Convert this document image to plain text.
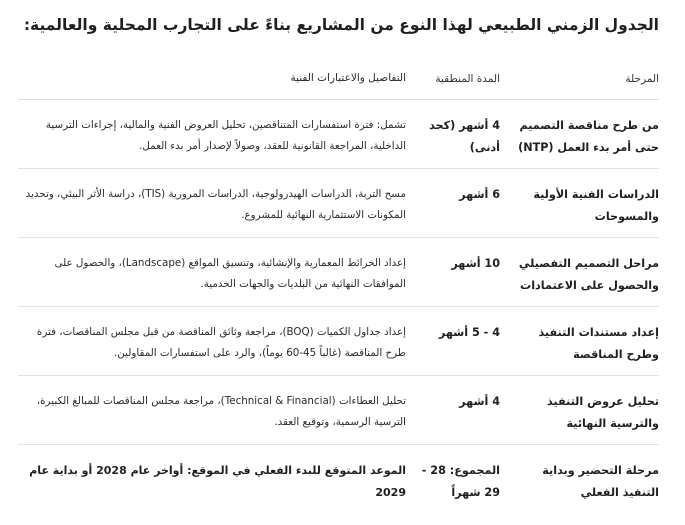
الجدول الزمني الطبيعي لهذا النوع من المشاريع بناءً على التجارب المحلية والعالمية:
المرحلة
المدة المنطقية
التفاصيل والاعتبارات الفنية
من طرح مناقصة التصميم حتى أمر بدء العمل (NTP)
4 أشهر (كحد أدنى)
تشمل: فترة استفسارات المتناقصين، تحليل العروض الفنية والمالية، إجراءات الترسية الداخلية، المراجعة القانونية للعقد، وصولاً لإصدار أمر بدء العمل.
الدراسات الفنية الأولية والمسوحات
6 أشهر
مسح التربة، الدراسات الهيدرولوجية، الدراسات المرورية (TIS)، دراسة الأثر البيئي، وتحديد المكونات الاستثمارية النهائية للمشروع.
مراحل التصميم التفصيلي والحصول على الاعتمادات
10 أشهر
إعداد الخرائط المعمارية والإنشائية، وتنسيق المواقع (Landscape)، والحصول على الموافقات النهائية من البلديات والجهات الخدمية.
إعداد مستندات التنفيذ وطرح المناقصة
4 - 5 أشهر
إعداد جداول الكميات (BOQ)، مراجعة وثائق المناقصة من قبل مجلس المناقصات، فترة طرح المناقصة (غالباً 45-60 يوماً)، والرد على استفسارات المقاولين.
تحليل عروض التنفيذ والترسية النهائية
4 أشهر
تحليل العطاءات (Technical & Financial)، مراجعة مجلس المناقصات للمبالغ الكبيرة، الترسية الرسمية، وتوقيع العقد.
مرحلة التحضير وبداية التنفيذ الفعلي
المجموع: 28 - 29 شهراً
الموعد المتوقع للبدء الفعلي في الموقع: أواخر عام 2028 أو بداية عام 2029
